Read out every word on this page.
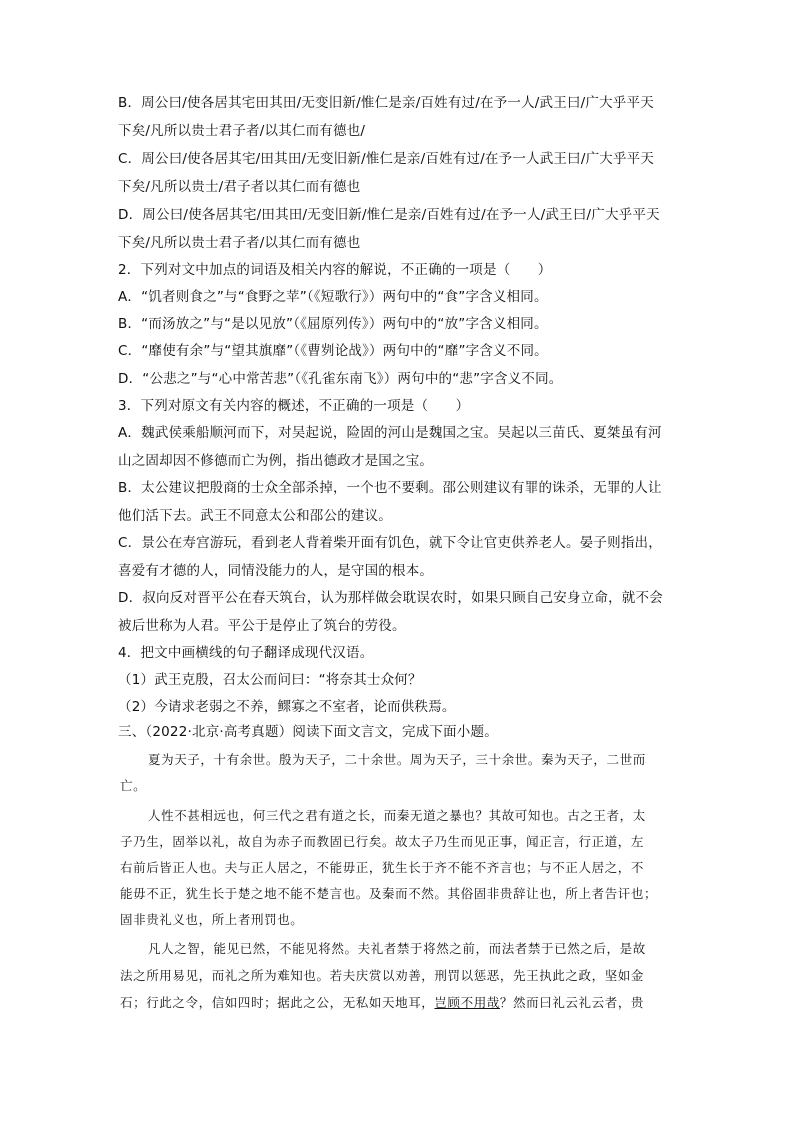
B．周公曰/使各居其宅田其田/无变旧新/惟仁是亲/百姓有过/在予一人/武王曰/广大乎平天
下矣/凡所以贵士君子者/以其仁而有德也/
C．周公曰/使各居其宅/田其田/无变旧新/惟仁是亲/百姓有过/在予一人武王曰/广大乎平天
下矣/凡所以贵士/君子者以其仁而有德也
D．周公曰/使各居其宅/田其田/无变旧新/惟仁是亲/百姓有过/在予一人/武王曰/广大乎平天
下矣/凡所以贵士君子者/以其仁而有德也
2．下列对文中加点的词语及相关内容的解说，不正确的一项是（　　）
A．“饥者则食之”与“食野之苹”（《短歌行》）两句中的“食”字含义相同。
B．“而汤放之”与“是以见放”（《屈原列传》）两句中的“放”字含义相同。
C．“靡使有余”与“望其旗靡”（《曹刿论战》）两句中的“靡”字含义不同。
D．“公悲之”与“心中常苦悲”（《孔雀东南飞》）两句中的“悲”字含义不同。
3．下列对原文有关内容的概述，不正确的一项是（　　）
A．魏武侯乘船顺河而下，对吴起说，险固的河山是魏国之宝。吴起以三苗氏、夏桀虽有河
山之固却因不修德而亡为例，指出德政才是国之宝。
B．太公建议把殷商的士众全部杀掉，一个也不要剩。邵公则建议有罪的诛杀，无罪的人让
他们活下去。武王不同意太公和邵公的建议。
C．景公在寿宫游玩，看到老人背着柴开面有饥色，就下令让官吏供养老人。晏子则指出，
喜爱有才德的人，同情没能力的人，是守国的根本。
D．叔向反对晋平公在春天筑台，认为那样做会耽误农时，如果只顾自己安身立命，就不会
被后世称为人君。平公于是停止了筑台的劳役。
4．把文中画横线的句子翻译成现代汉语。
（1）武王克殷，召太公而问曰：“将奈其士众何？
（2）今请求老弱之不养，鳏寡之不室者，论而供秩焉。
三、（2022·北京·高考真题）阅读下面文言文，完成下面小题。
夏为天子，十有余世。殷为天子，二十余世。周为天子，三十余世。秦为天子，二世而
亡。
人性不甚相远也，何三代之君有道之长，而秦无道之暴也？其故可知也。古之王者，太
子乃生，固举以礼，故自为赤子而教固已行矣。故太子乃生而见正事，闻正言，行正道，左
右前后皆正人也。夫与正人居之，不能毋正，犹生长于齐不能不齐言也；与不正人居之，不
能毋不正，犹生长于楚之地不能不楚言也。及秦而不然。其俗固非贵辞让也，所上者告讦也；
固非贵礼义也，所上者刑罚也。
凡人之智，能见已然，不能见将然。夫礼者禁于将然之前，而法者禁于已然之后，是故
法之所用易见，而礼之所为难知也。若夫庆赏以劝善，刑罚以惩恶，先王执此之政，坚如金
石；行此之令，信如四时；据此之公，无私如天地耳，岂顾不用哉？然而曰礼云礼云者，贵
